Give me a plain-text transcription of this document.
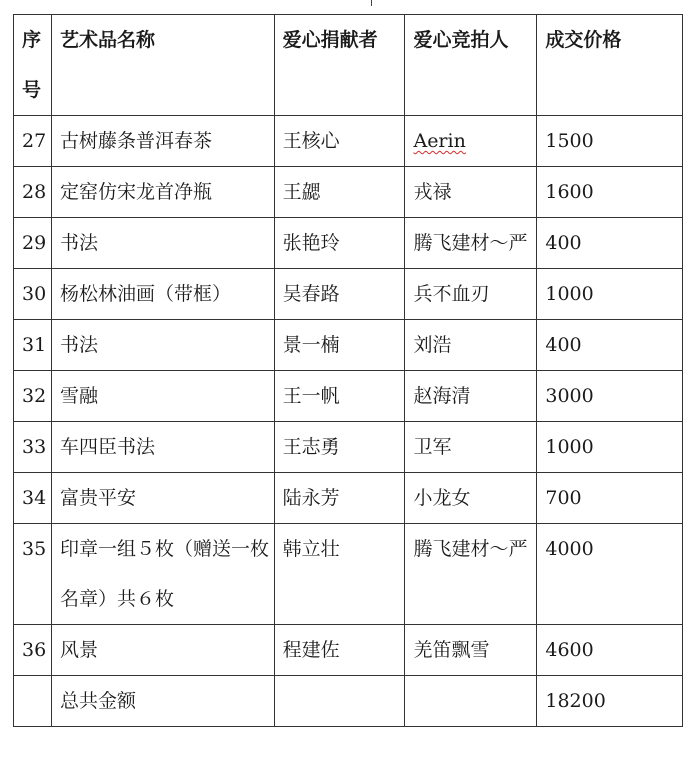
序号	艺术品名称	爱心捐献者	爱心竞拍人	成交价格
27	古树藤条普洱春茶	王核心	Aerin	1500
28	定窑仿宋龙首净瓶	王勰	戎禄	1600
29	书法	张艳玲	腾飞建材～严	400
30	杨松林油画（带框）	吴春路	兵不血刃	1000
31	书法	景一楠	刘浩	400
32	雪融	王一帆	赵海清	3000
33	车四臣书法	王志勇	卫军	1000
34	富贵平安	陆永芳	小龙女	700
35	印章一组５枚（赠送一枚名章）共６枚	韩立壮	腾飞建材～严	4000
36	风景	程建佐	羌笛飘雪	4600
	总共金额			18200
